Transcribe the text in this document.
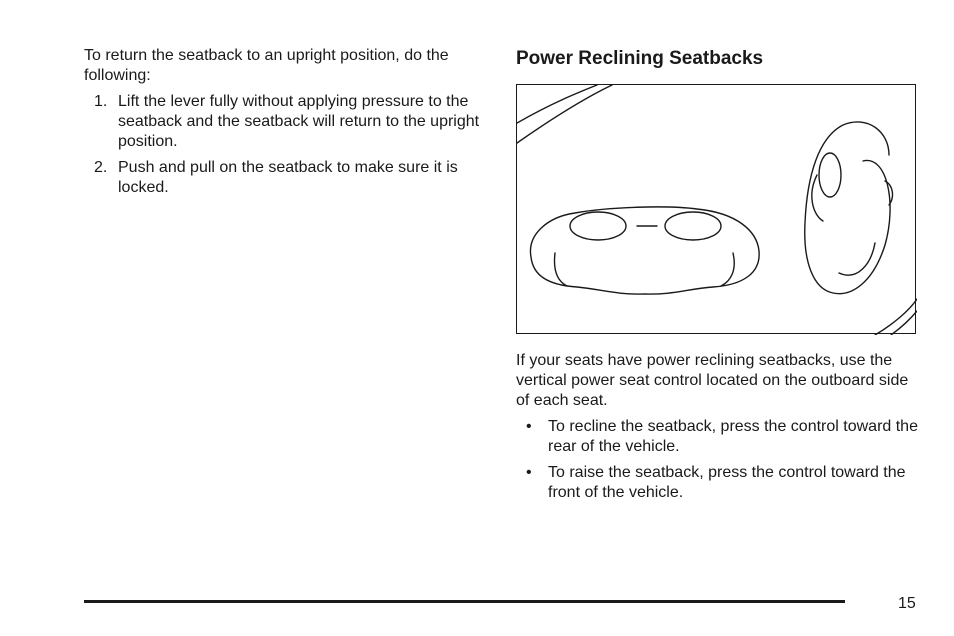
To return the seatback to an upright position, do the following:

1. Lift the lever fully without applying pressure to the seatback and the seatback will return to the upright position.
2. Push and pull on the seatback to make sure it is locked.
Power Reclining Seatbacks

If your seats have power reclining seatbacks, use the vertical power seat control located on the outboard side of each seat.

• To recline the seatback, press the control toward the rear of the vehicle.
• To raise the seatback, press the control toward the front of the vehicle.
15
